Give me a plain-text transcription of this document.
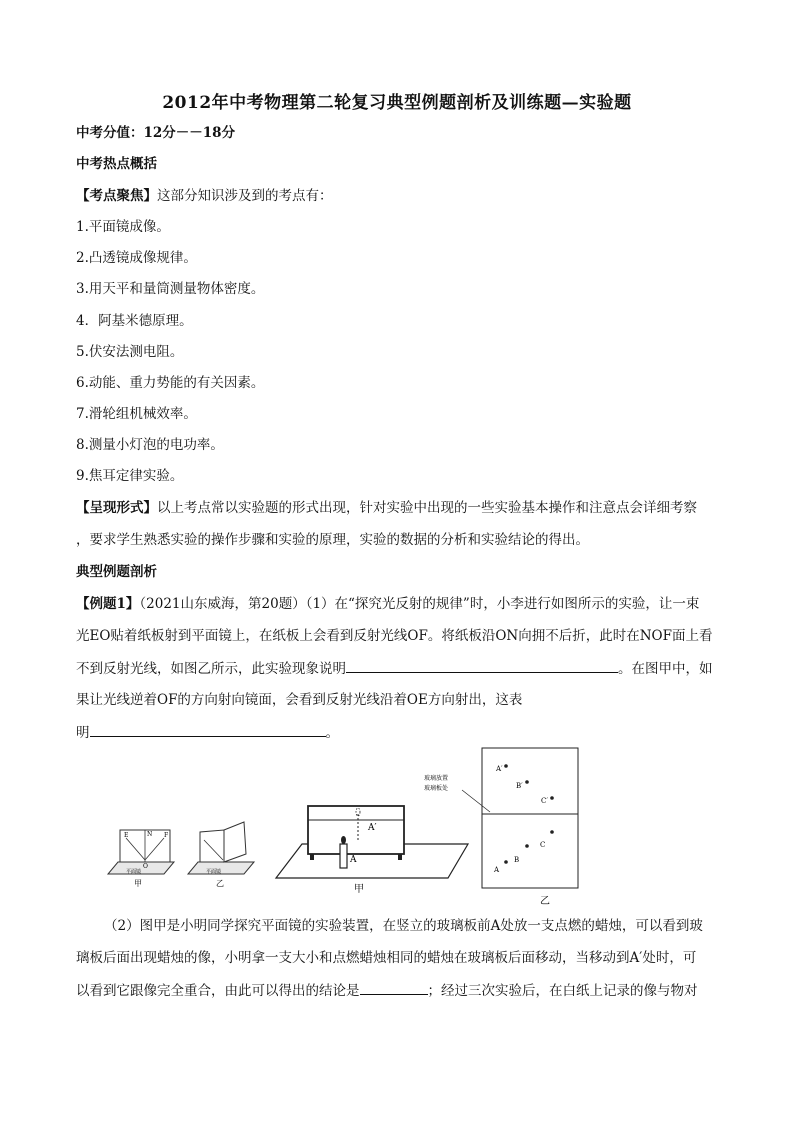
2012年中考物理第二轮复习典型例题剖析及训练题—实验题
中考分值：12分－－18分
中考热点概括
【考点聚焦】这部分知识涉及到的考点有：
1.平面镜成像。
2.凸透镜成像规律。
3.用天平和量筒测量物体密度。
4．阿基米德原理。
5.伏安法测电阻。
6.动能、重力势能的有关因素。
7.滑轮组机械效率。
8.测量小灯泡的电功率。
9.焦耳定律实验。
【呈现形式】以上考点常以实验题的形式出现，针对实验中出现的一些实验基本操作和注意点会详细考察
，要求学生熟悉实验的操作步骤和实验的原理，实验的数据的分析和实验结论的得出。
典型例题剖析
【例题1】（2021山东威海，第20题）（1）在“探究光反射的规律”时，小李进行如图所示的实验，让一束
光EO贴着纸板射到平面镜上，在纸板上会看到反射光线OF。将纸板沿ON向拥不后折，此时在NOF面上看
不到反射光线，如图乙所示，此实验现象说明	。在图甲中，如
果让光线逆着OF的方向射向镜面，会看到反射光线沿着OE方向射出，这表
明	。
E	N F
O
平面镜
甲
平面镜
乙
A′
A
甲
玻璃放置
玻璃板处
A′
B′
C′
A
B
C
乙
（2）图甲是小明同学探究平面镜的实验装置，在竖立的玻璃板前A处放一支点燃的蜡烛，可以看到玻
璃板后面出现蜡烛的像，小明拿一支大小和点燃蜡烛相同的蜡烛在玻璃板后面移动，当移动到A′处时，可
以看到它跟像完全重合，由此可以得出的结论是	；经过三次实验后，在白纸上记录的像与物对
